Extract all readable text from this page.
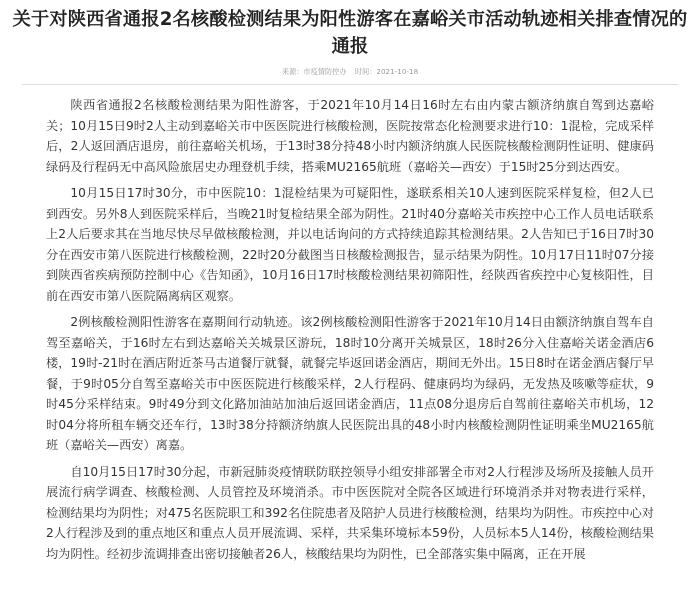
关于对陕西省通报2名核酸检测结果为阳性游客在嘉峪关市活动轨迹相关排查情况的通报
来源：市疫情防控办 时间：2021-10-18

陕西省通报2名核酸检测结果为阳性游客，于2021年10月14日16时左右由内蒙古额济纳旗自驾到达嘉峪关；10月15日9时2人主动到嘉峪关市中医医院进行核酸检测，医院按常态化检测要求进行10：1混检，完成采样后，2人返回酒店退房，前往嘉峪关机场，于13时38分持48小时内额济纳旗人民医院核酸检测阴性证明、健康码绿码及行程码无中高风险旅居史办理登机手续，搭乘MU2165航班（嘉峪关—西安）于15时25分到达西安。

10月15日17时30分，市中医院10：1混检结果为可疑阳性，遂联系相关10人速到医院采样复检，但2人已到西安。另外8人到医院采样后，当晚21时复检结果全部为阴性。21时40分嘉峪关市疾控中心工作人员电话联系上2人后要求其在当地尽快尽早做核酸检测，并以电话询问的方式持续追踪其检测结果。2人告知已于16日7时30分在西安市第八医院进行核酸检测，22时20分截图当日核酸检测报告，显示结果为阴性。10月17日11时07分接到陕西省疾病预防控制中心《告知函》，10月16日17时核酸检测结果初筛阳性，经陕西省疾控中心复核阳性，目前在西安市第八医院隔离病区观察。

2例核酸检测阳性游客在嘉期间行动轨迹。该2例核酸检测阳性游客于2021年10月14日由额济纳旗自驾车自驾至嘉峪关，于16时左右到达嘉峪关关城景区游玩，18时10分离开关城景区，18时26分入住嘉峪关诺金酒店6楼，19时-21时在酒店附近茶马古道餐厅就餐，就餐完毕返回诺金酒店，期间无外出。15日8时在诺金酒店餐厅早餐，于9时05分自驾至嘉峪关市中医医院进行核酸采样，2人行程码、健康码均为绿码，无发热及咳嗽等症状，9时45分采样结束。9时49分到文化路加油站加油后返回诺金酒店，11点08分退房后自驾前往嘉峪关市机场，12时04分将所租车辆交还车行，13时38分持额济纳旗人民医院出具的48小时内核酸检测阴性证明乘坐MU2165航班（嘉峪关—西安）离嘉。

自10月15日17时30分起，市新冠肺炎疫情联防联控领导小组安排部署全市对2人行程涉及场所及接触人员开展流行病学调查、核酸检测、人员管控及环境消杀。市中医医院对全院各区域进行环境消杀并对物表进行采样，检测结果均为阴性；对475名医院职工和392名住院患者及陪护人员进行核酸检测，结果均为阴性。市疾控中心对2人行程涉及到的重点地区和重点人员开展流调、采样，共采集环境标本59份，人员标本5人14份，核酸检测结果均为阴性。经初步流调排查出密切接触者26人，核酸结果均为阴性，已全部落实集中隔离，正在开展
